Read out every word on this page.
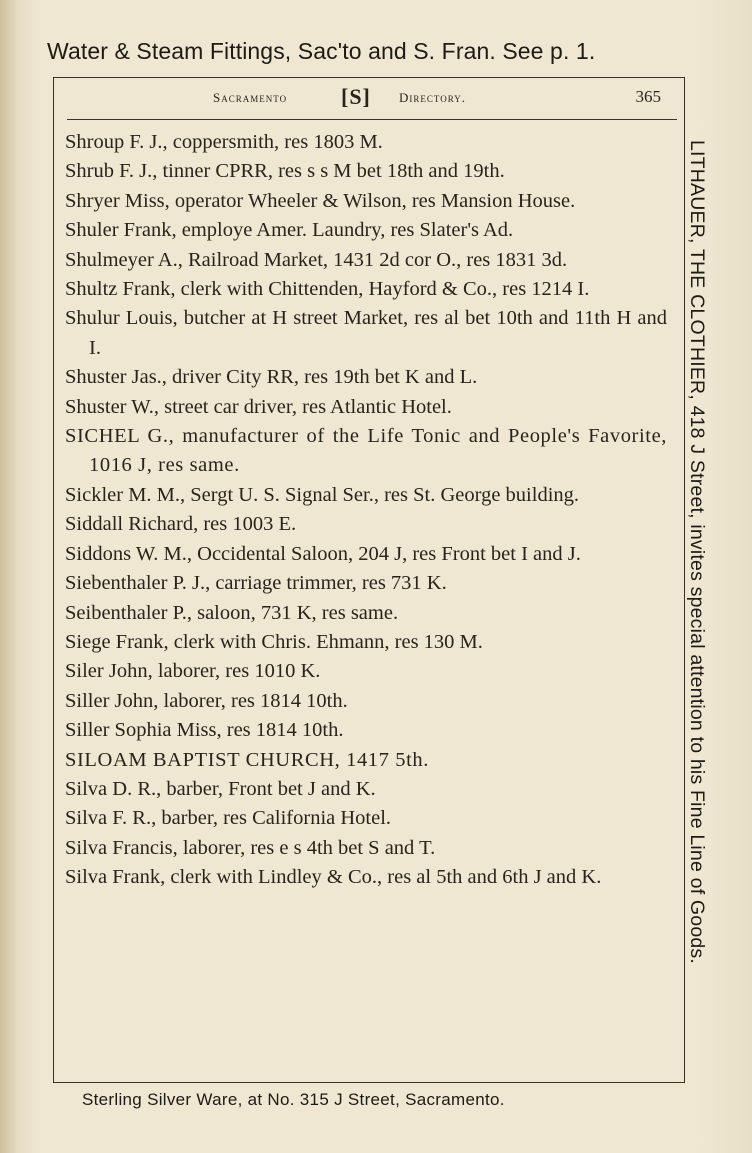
Water & Steam Fittings, Sac'to and S. Fran. See p. 1.
Sacramento [S] Directory.	365
Shroup F. J., coppersmith, res 1803 M.
Shrub F. J., tinner CPRR, res s s M bet 18th and 19th.
Shryer Miss, operator Wheeler & Wilson, res Mansion House.
Shuler Frank, employe Amer. Laundry, res Slater's Ad.
Shulmeyer A., Railroad Market, 1431 2d cor O., res 1831 3d.
Shultz Frank, clerk with Chittenden, Hayford & Co., res 1214 I.
Shulur Louis, butcher at H street Market, res al bet 10th and 11th H and I.
Shuster Jas., driver City RR, res 19th bet K and L.
Shuster W., street car driver, res Atlantic Hotel.
SICHEL G., manufacturer of the Life Tonic and People's Favorite, 1016 J, res same.
Sickler M. M., Sergt U. S. Signal Ser., res St. George building.
Siddall Richard, res 1003 E.
Siddons W. M., Occidental Saloon, 204 J, res Front bet I and J.
Siebenthaler P. J., carriage trimmer, res 731 K.
Seibenthaler P., saloon, 731 K, res same.
Siege Frank, clerk with Chris. Ehmann, res 130 M.
Siler John, laborer, res 1010 K.
Siller John, laborer, res 1814 10th.
Siller Sophia Miss, res 1814 10th.
SILOAM BAPTIST CHURCH, 1417 5th.
Silva D. R., barber, Front bet J and K.
Silva F. R., barber, res California Hotel.
Silva Francis, laborer, res e s 4th bet S and T.
Silva Frank, clerk with Lindley & Co., res al 5th and 6th J and K.	LITHAUER, THE CLOTHIER, 418 J Street, invites special attention to his Fine Line of Goods.
Sterling Silver Ware, at No. 315 J Street, Sacramento.
